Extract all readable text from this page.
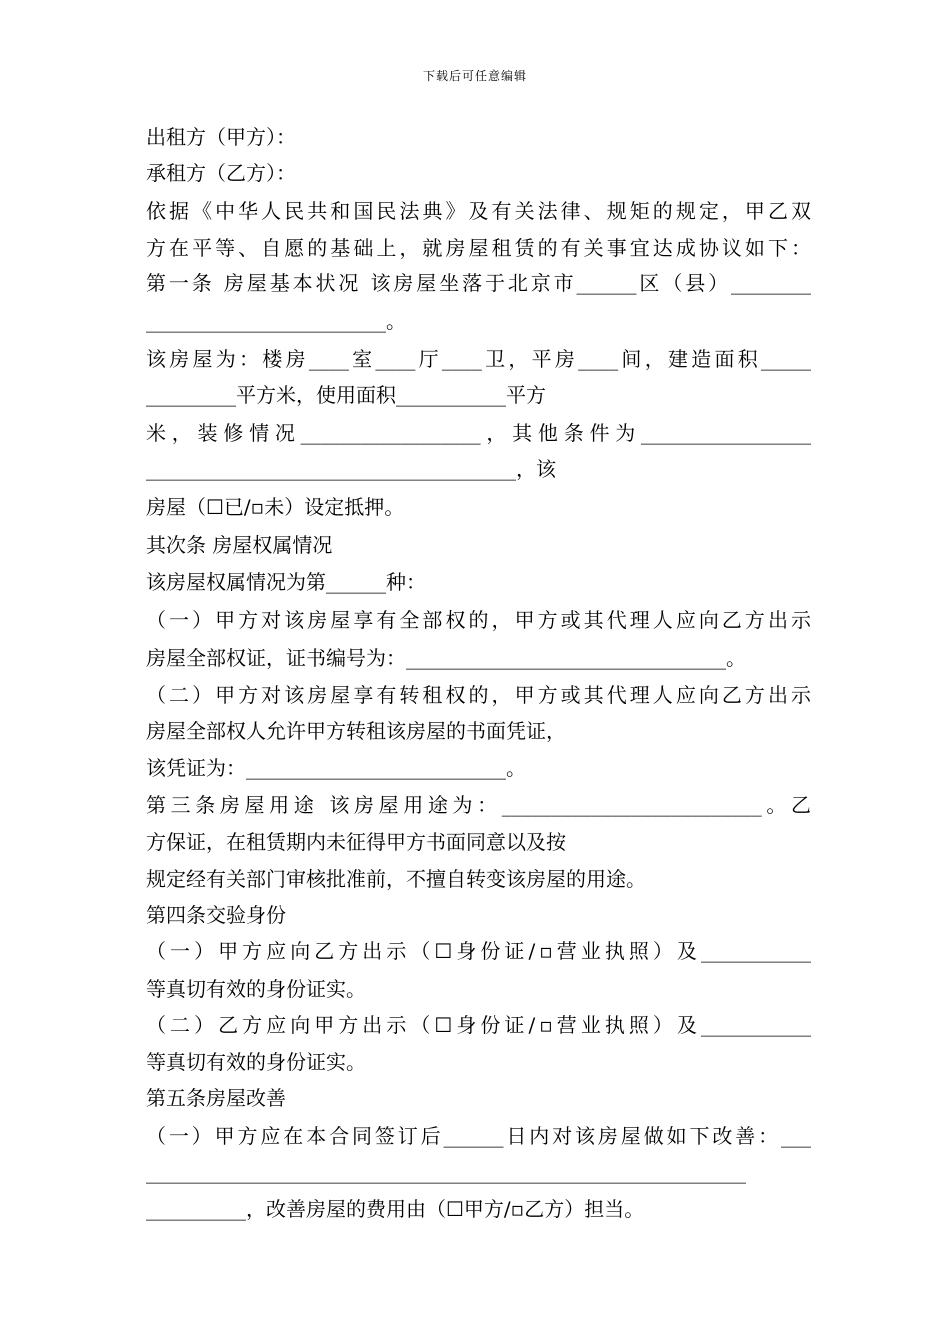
下载后可任意编辑
出租方（甲方）：
承租方（乙方）：
依据《中华人民共和国民法典》及有关法律、规矩的规定，甲乙双
方在平等、自愿的基础上，就房屋租赁的有关事宜达成协议如下：
第一条 房屋基本状况 该房屋坐落于北京市______区（县）________
________________________。
该房屋为：楼房____室____厅____卫，平房____间，建造面积_____
_________平方米，使用面积___________平方
米，装修情况__________________，其他条件为_________________
_____________________________________，该
房屋（☐已/▫未）设定抵押。
其次条 房屋权属情况
该房屋权属情况为第______种：
（一）甲方对该房屋享有全部权的，甲方或其代理人应向乙方出示
房屋全部权证，证书编号为：________________________________。
（二）甲方对该房屋享有转租权的，甲方或其代理人应向乙方出示
房屋全部权人允许甲方转租该房屋的书面凭证，
该凭证为：__________________________。
第三条房屋用途 该房屋用途为：__________________________。乙
方保证，在租赁期内未征得甲方书面同意以及按
规定经有关部门审核批准前，不擅自转变该房屋的用途。
第四条交验身份
（一）甲方应向乙方出示（☐身份证/▫营业执照）及___________
等真切有效的身份证实。
（二）乙方应向甲方出示（☐身份证/▫营业执照）及___________
等真切有效的身份证实。
第五条房屋改善
（一）甲方应在本合同签订后______日内对该房屋做如下改善：___
____________________________________________________________
__________，改善房屋的费用由（☐甲方/▫乙方）担当。
